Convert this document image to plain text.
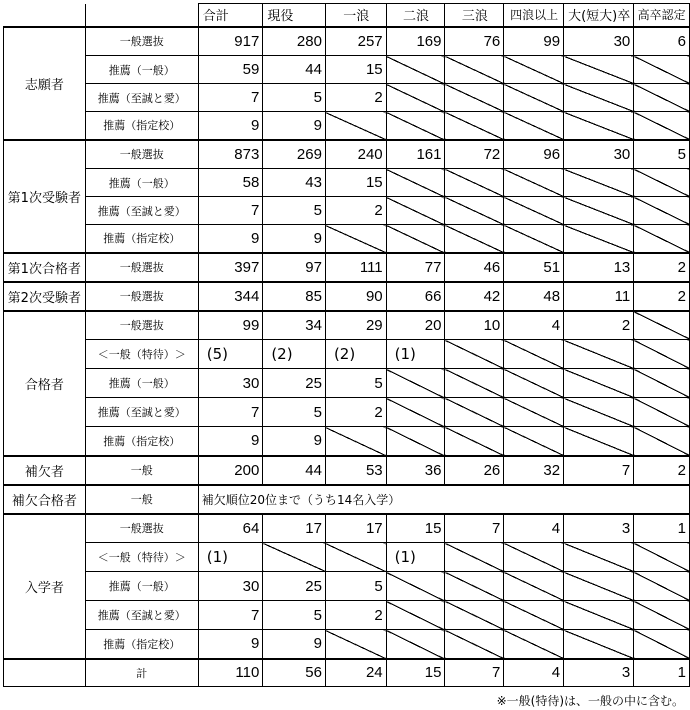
		合計	現役	一浪	二浪	三浪	四浪以上	大(短大)卒	高卒認定
志願者	一般選抜	917	280	257	169	76	99	30	6
	推薦（一般）	59	44	15					
	推薦（至誠と愛）	7	5	2					
	推薦（指定校）	9	9						
第1次受験者	一般選抜	873	269	240	161	72	96	30	5
	推薦（一般）	58	43	15					
	推薦（至誠と愛）	7	5	2					
	推薦（指定校）	9	9						
第1次合格者	一般選抜	397	97	111	77	46	51	13	2
第2次受験者	一般選抜	344	85	90	66	42	48	11	2
合格者	一般選抜	99	34	29	20	10	4	2	
	＜一般（特待）＞	(5)	(2)	(2)	(1)				
	推薦（一般）	30	25	5					
	推薦（至誠と愛）	7	5	2					
	推薦（指定校）	9	9						
補欠者	一般	200	44	53	36	26	32	7	2
補欠合格者	一般	補欠順位20位まで（うち14名入学）							
入学者	一般選抜	64	17	17	15	7	4	3	1
	＜一般（特待）＞	(1)			(1)				
	推薦（一般）	30	25	5					
	推薦（至誠と愛）	7	5	2					
	推薦（指定校）	9	9						
	計	110	56	24	15	7	4	3	1
※一般(特待)は、一般の中に含む。
